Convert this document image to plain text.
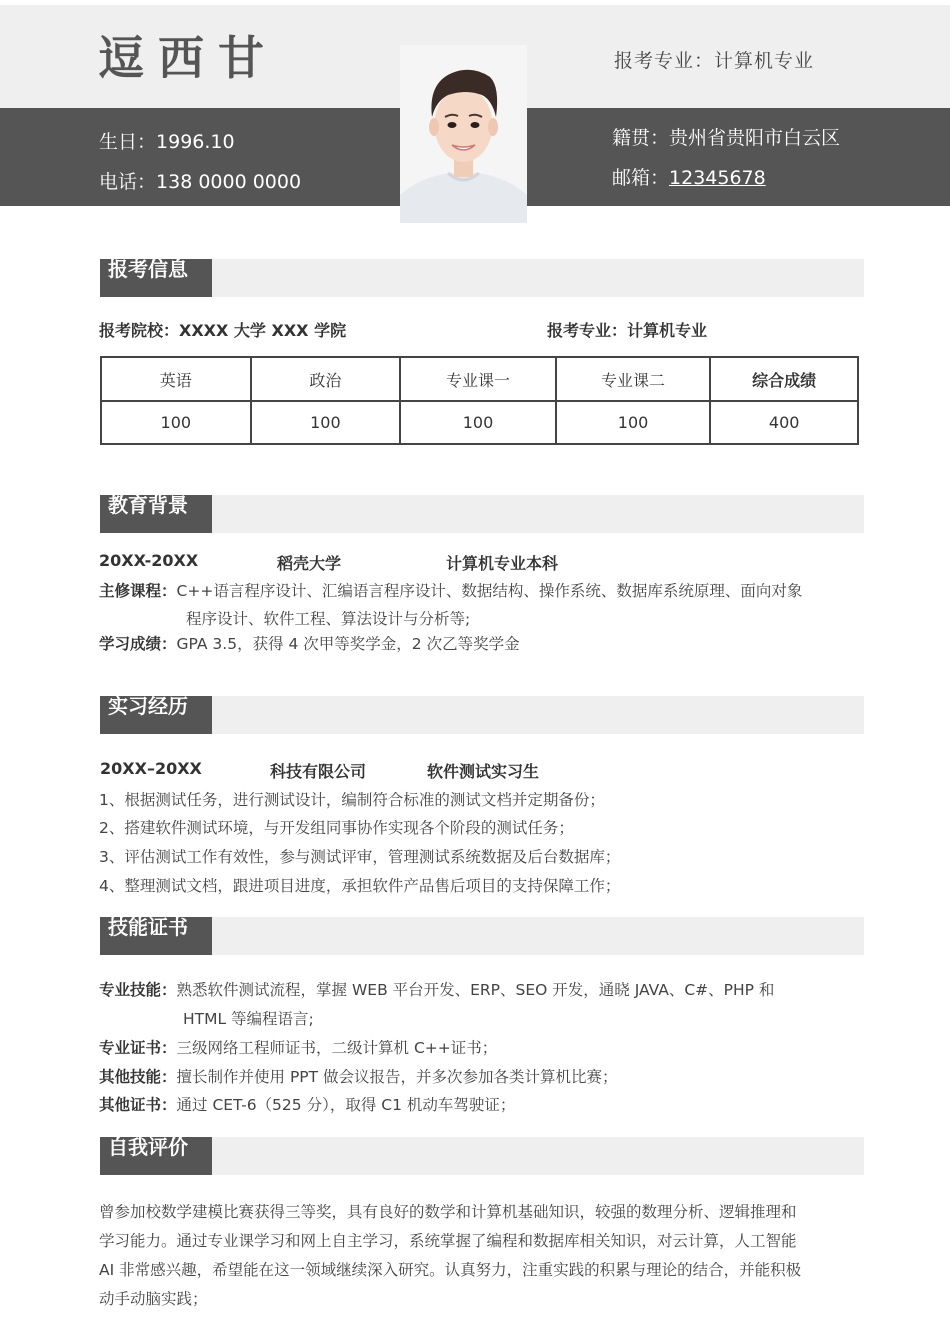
逗西甘	报考专业：计算机专业
生日：1996.10
电话：138 0000 0000
籍贯：贵州省贵阳市白云区
邮箱：12345678
报考信息
报考院校：XXXX 大学 XXX 学院	报考专业：计算机专业
英语	政治	专业课一	专业课二	综合成绩
100	100	100	100	400
教育背景
20XX-20XX	稻壳大学	计算机专业本科
主修课程：C++语言程序设计、汇编语言程序设计、数据结构、操作系统、数据库系统原理、面向对象
程序设计、软件工程、算法设计与分析等;
学习成绩：GPA 3.5，获得 4 次甲等奖学金，2 次乙等奖学金
实习经历
20XX–20XX	科技有限公司	软件测试实习生
1、根据测试任务，进行测试设计，编制符合标准的测试文档并定期备份；
2、搭建软件测试环境，与开发组同事协作实现各个阶段的测试任务；
3、评估测试工作有效性，参与测试评审，管理测试系统数据及后台数据库；
4、整理测试文档，跟进项目进度，承担软件产品售后项目的支持保障工作；
技能证书
专业技能：熟悉软件测试流程，掌握 WEB 平台开发、ERP、SEO 开发，通晓 JAVA、C#、PHP 和
HTML 等编程语言;
专业证书：三级网络工程师证书，二级计算机 C++证书；
其他技能：擅长制作并使用 PPT 做会议报告，并多次参加各类计算机比赛；
其他证书：通过 CET-6（525 分），取得 C1 机动车驾驶证；
自我评价
曾参加校数学建模比赛获得三等奖，具有良好的数学和计算机基础知识，较强的数理分析、逻辑推理和
学习能力。通过专业课学习和网上自主学习，系统掌握了编程和数据库相关知识，对云计算，人工智能
AI 非常感兴趣，希望能在这一领域继续深入研究。认真努力，注重实践的积累与理论的结合，并能积极
动手动脑实践；
